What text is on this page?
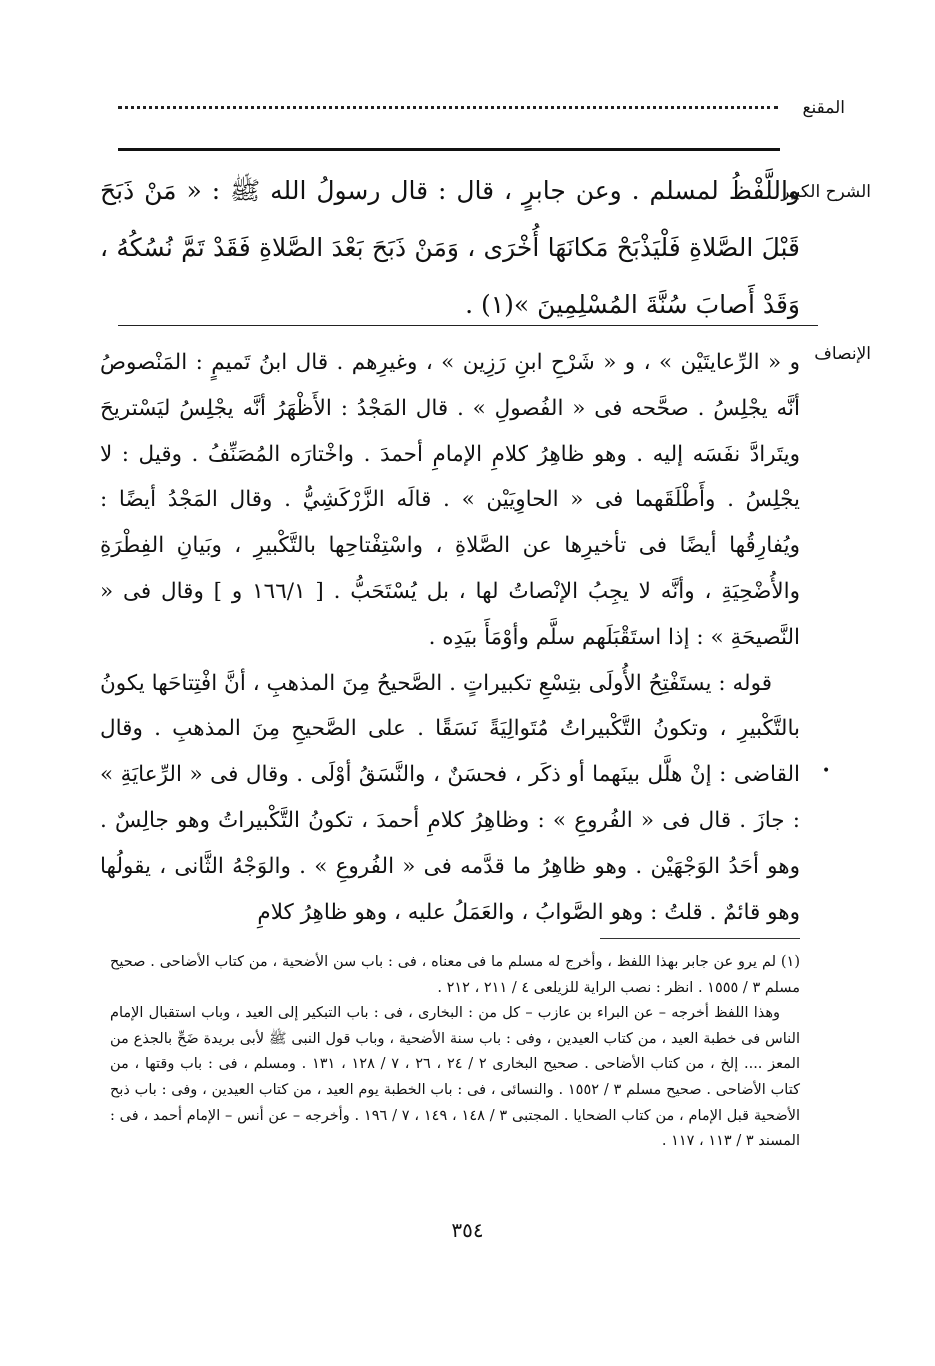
المقنع
الشرح الكبير

واللَّفْظُ لمسلم . وعن جابرٍ ، قال : قال رسولُ الله ﷺ : « مَنْ ذَبَحَ قَبْلَ الصَّلاةِ فَلْيَذْبَحْ مَكانَهَا أُخْرَى ، وَمَنْ ذَبَحَ بَعْدَ الصَّلاةِ فَقَدْ تَمَّ نُسُكُهُ ، وَقَدْ أَصابَ سُنَّةَ المُسْلِمِينَ »(١) .

الإنصاف

و « الرِّعايتَيْن » ، و « شَرْحِ ابنِ رَزِين » ، وغيرِهم . قال ابنُ تَميمٍ : المَنْصوصُ أنَّه يجْلِسُ . صحَّحه فى « الفُصولِ » . قال المَجْدُ : الأَظْهَرُ أنَّه يجْلِسُ ليَسْتريحَ ويتَرادَّ نفَسَه إليه . وهو ظاهِرُ كلامِ الإمامِ أحمدَ . واخْتارَه المُصَنِّفُ . وقيل : لا يجْلِسُ . وأَطْلَقَهما فى « الحاوِيَيْن » . قالَه الزَّرْكَشِيُّ . وقال المَجْدُ أيضًا : ويُفارِقُها أيضًا فى تأخيرِها عن الصَّلاةِ ، واسْتِفْتاحِها بالتَّكْبيرِ ، وبَيانِ الفِطْرَةِ والأُضْحِيَةِ ، وأنَّه لا يجِبُ الإنْصاتُ لها ، بل يُسْتَحَبُّ . [ ١٦٦/١ و ] وقال فى « النَّصيحَةِ » : إذا استَقْبَلَهم سلَّم وأوْمَأَ بيَدِه .

قوله : يستَفْتِحُ الأُولَى بتِسْعِ تكبيراتٍ . الصَّحيحُ مِنَ المذهبِ ، أنَّ افْتِتاحَها يكونُ بالتَّكْبيرِ ، وتكونُ التَّكْبيراتُ مُتَوالِيَةً نَسَقًا . على الصَّحيحِ مِنَ المذهبِ . وقال القاضى : إنْ هلَّل بينَهما أو ذكَر ، فحسَنٌ ، والنَّسَقُ أوْلَى . وقال فى « الرِّعايَةِ » : جازَ . قال فى « الفُروعِ » : وظاهِرُ كلامِ أحمدَ ، تكونُ التَّكْبيراتُ وهو جالِسٌ . وهو أحَدُ الوَجْهَيْن . وهو ظاهِرُ ما قدَّمه فى « الفُروعِ » . والوَجْهُ الثَّانى ، يقولُها وهو قائمٌ . قلتُ : وهو الصَّوابُ ، والعَمَلُ عليه ، وهو ظاهِرُ كلامِ

•

(١) لم يرو عن جابر بهذا اللفظ ، وأخرج له مسلم ما فى معناه ، فى : باب سن الأضحية ، من كتاب الأضاحى . صحيح مسلم ٣ / ١٥٥٥ . انظر : نصب الراية للزيلعى ٤ / ٢١١ ، ٢١٢ .

وهذا اللفظ أخرجه – عن البراء بن عازب – كل من : البخارى ، فى : باب التبكير إلى العيد ، وباب استقبال الإمام الناس فى خطبة العيد ، من كتاب العيدين ، وفى : باب سنة الأضحية ، وباب قول النبى ﷺ لأبى بريدة ضَحِّ بالجذع من المعز .... إلخ ، من كتاب الأضاحى . صحيح البخارى ٢ / ٢٤ ، ٢٦ ، ٧ / ١٢٨ ، ١٣١ . ومسلم ، فى : باب وقتها ، من كتاب الأضاحى . صحيح مسلم ٣ / ١٥٥٢ . والنسائى ، فى : باب الخطبة يوم العيد ، من كتاب العيدين ، وفى : باب ذبح الأضحية قبل الإمام ، من كتاب الضحايا . المجتبى ٣ / ١٤٨ ، ١٤٩ ، ٧ / ١٩٦ . وأخرجه – عن أنس – الإمام أحمد ، فى : المسند ٣ / ١١٣ ، ١١٧ .

٣٥٤
